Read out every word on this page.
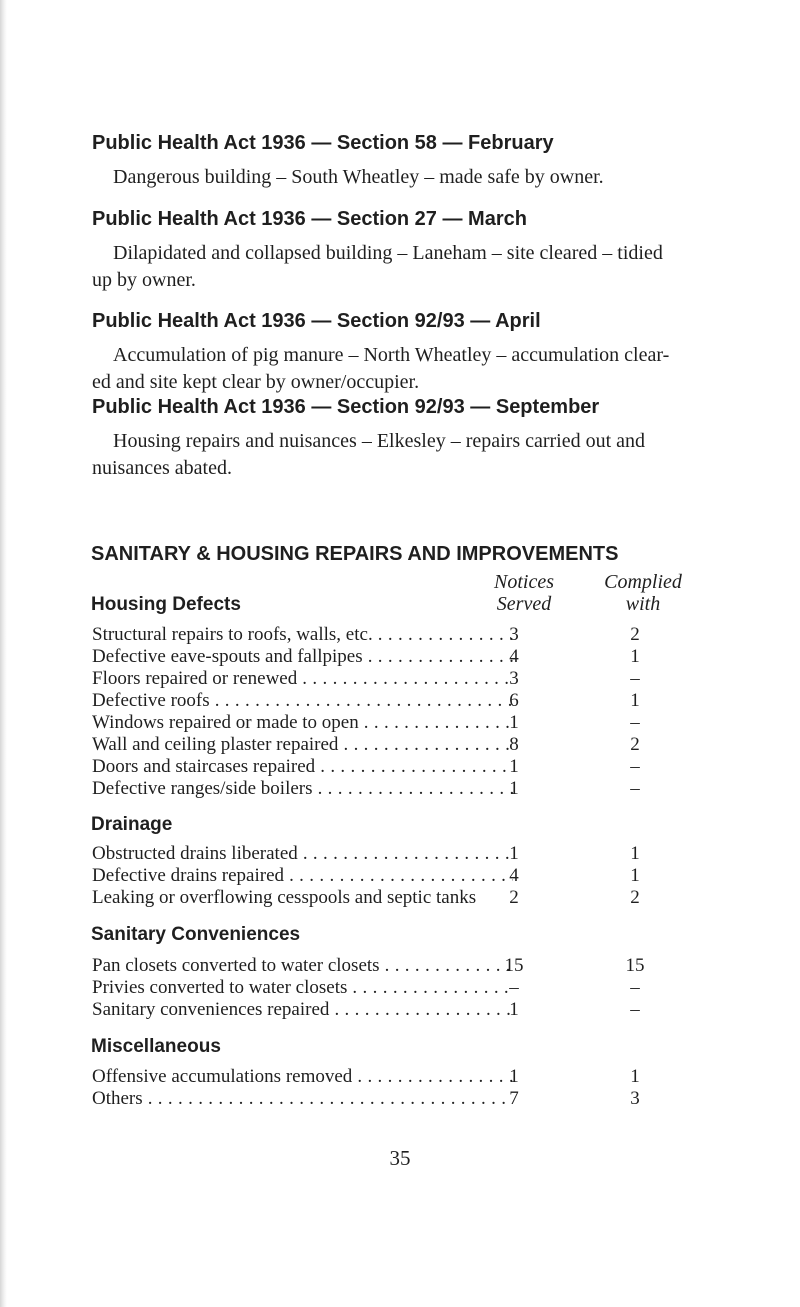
Public Health Act 1936 — Section 58 — February
Dangerous building – South Wheatley – made safe by owner.
Public Health Act 1936 — Section 27 — March
Dilapidated and collapsed building – Laneham – site cleared – tidied
up by owner.
Public Health Act 1936 — Section 92/93 — April
Accumulation of pig manure – North Wheatley – accumulation clear-
ed and site kept clear by owner/occupier.
Public Health Act 1936 — Section 92/93 — September
Housing repairs and nuisances – Elkesley – repairs carried out and
nuisances abated.
SANITARY & HOUSING REPAIRS AND IMPROVEMENTS
Notices
Served
Complied
with
Housing Defects
Structural repairs to roofs, walls, etc. . . .	3	2
Defective eave-spouts and fallpipes . . .	4	1
Floors repaired or renewed . . .	3	–
Defective roofs . . .	6	1
Windows repaired or made to open . . .	1	–
Wall and ceiling plaster repaired . . .	8	2
Doors and staircases repaired . . .	1	–
Defective ranges/side boilers . . .	1	–
Drainage
Obstructed drains liberated . . .	1	1
Defective drains repaired . . .	4	1
Leaking or overflowing cesspools and septic tanks	2	2
Sanitary Conveniences
Pan closets converted to water closets . . .	15	15
Privies converted to water closets . . .	–	–
Sanitary conveniences repaired . . .	1	–
Miscellaneous
Offensive accumulations removed . . .	1	1
Others . . .	7	3
35
